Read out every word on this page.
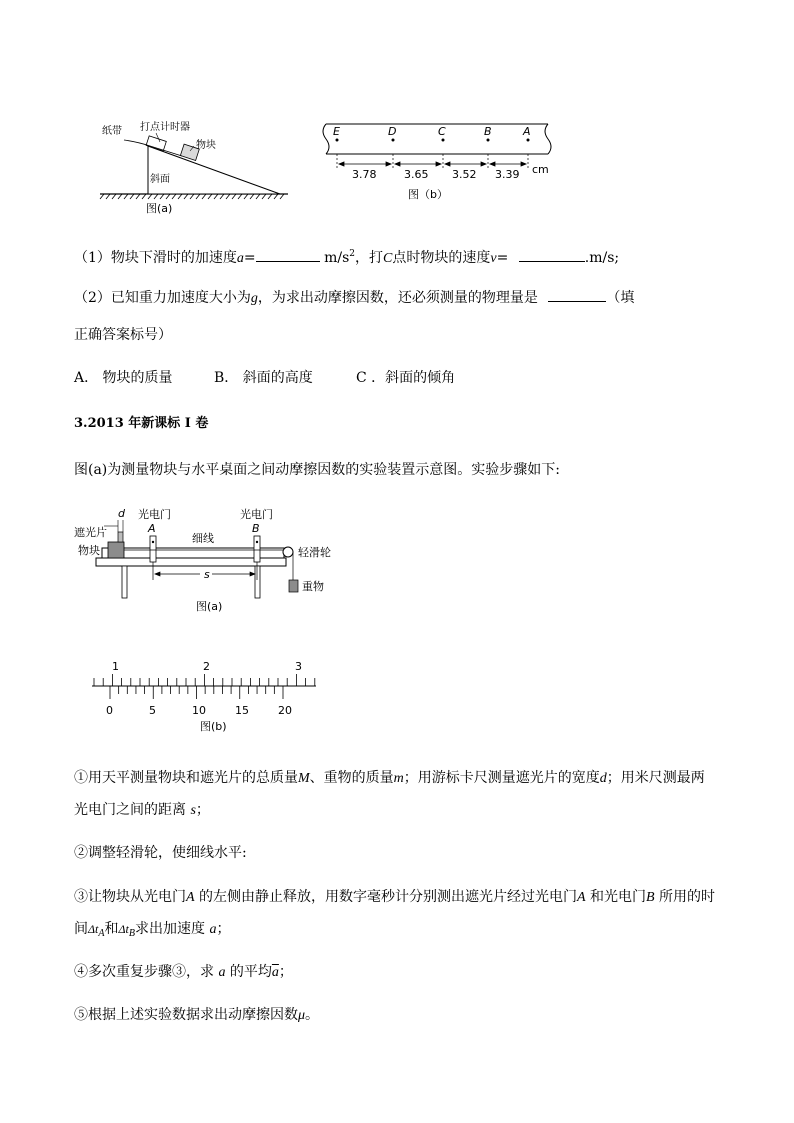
纸带 打点计时器
物块
斜面
图(a)
E	D	C	B	A
3.78	3.65 3.52 3.39 cm
图（b）
（1）物块下滑时的加速度a=	$m/s^2$，打C点时物块的速度v=	.m/s;
（2）已知重力加速度大小为g，为求出动摩擦因数，还必须测量的物理量是	（填
正确答案标号）
A． 物块的质量	B． 斜面的高度	C ．斜面的倾角
3.2013 年新课标 I 卷
图(a)为测量物块与水平桌面之间动摩擦因数的实验装置示意图。实验步骤如下:
d 光电门
A
光电门
B
遮光片
物块
细线
轻滑轮
s
重物
图(a)
1	2	3
0	5	10	15	20
图(b)
①用天平测量物块和遮光片的总质量M、重物的质量m；用游标卡尺测量遮光片的宽度d；用米尺测最两
光电门之间的距离 s；
②调整轻滑轮，使细线水平:
③让物块从光电门A 的左侧由静止释放，用数字毫秒计分别测出遮光片经过光电门A 和光电门B 所用的时
间$\Delta t_A$和$\Delta t_B$求出加速度 a；
④多次重复步骤③，求 a 的平均$\overline{a}$；
⑤根据上述实验数据求出动摩擦因数μ。
